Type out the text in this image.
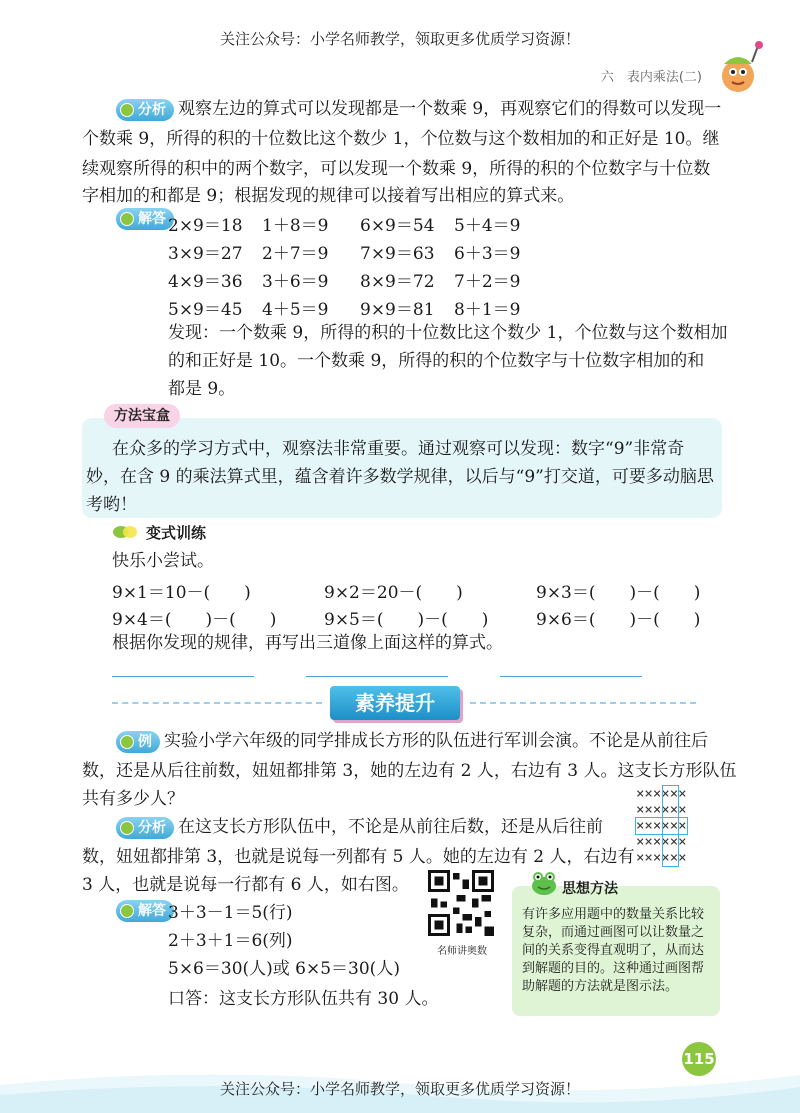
关注公众号：小学名师教学，领取更多优质学习资源！
六　表内乘法(二)
分析 观察左边的算式可以发现都是一个数乘 9，再观察它们的得数可以发现一
个数乘 9，所得的积的十位数比这个数少 1，个位数与这个数相加的和正好是 10。继
续观察所得的积中的两个数字，可以发现一个数乘 9，所得的积的个位数字与十位数
字相加的和都是 9；根据发现的规律可以接着写出相应的算式来。
解答 2×9＝18 1＋8＝9 6×9＝54 5＋4＝9
3×9＝27 2＋7＝9 7×9＝63 6＋3＝9
4×9＝36 3＋6＝9 8×9＝72 7＋2＝9
5×9＝45 4＋5＝9 9×9＝81 8＋1＝9
发现：一个数乘 9，所得的积的十位数比这个数少 1，个位数与这个数相加
的和正好是 10。一个数乘 9，所得的积的个位数字与十位数字相加的和
都是 9。
方法宝盒
在众多的学习方式中，观察法非常重要。通过观察可以发现：数字“9”非常奇
妙，在含 9 的乘法算式里，蕴含着许多数学规律，以后与“9”打交道，可要多动脑思
考哟！
变式训练
快乐小尝试。
9×1＝10－(　　)	9×2＝20－(　　)	9×3＝(　　)－(　　)
9×4＝(　　)－(　　)	9×5＝(　　)－(　　)	9×6＝(　　)－(　　)
根据你发现的规律，再写出三道像上面这样的算式。
素养提升
例 实验小学六年级的同学排成长方形的队伍进行军训会演。不论是从前往后
数，还是从后往前数，妞妞都排第 3，她的左边有 2 人，右边有 3 人。这支长方形队伍
共有多少人？	××××××
××××××
××××××
××××××
××××××
分析 在这支长方形队伍中，不论是从前往后数，还是从后往前
数，妞妞都排第 3，也就是说每一列都有 5 人。她的左边有 2 人，右边有
3 人，也就是说每一行都有 6 人，如右图。
解答 3＋3－1＝5(行)
2＋3＋1＝6(列)
5×6＝30(人)或 6×5＝30(人)
口答：这支长方形队伍共有 30 人。
名师讲奥数
思想方法
有许多应用题中的数量关系比较复杂，而通过画图可以让数量之间的关系变得直观明了，从而达到解题的目的。这种通过画图帮助解题的方法就是图示法。
115
关注公众号：小学名师教学，领取更多优质学习资源！
